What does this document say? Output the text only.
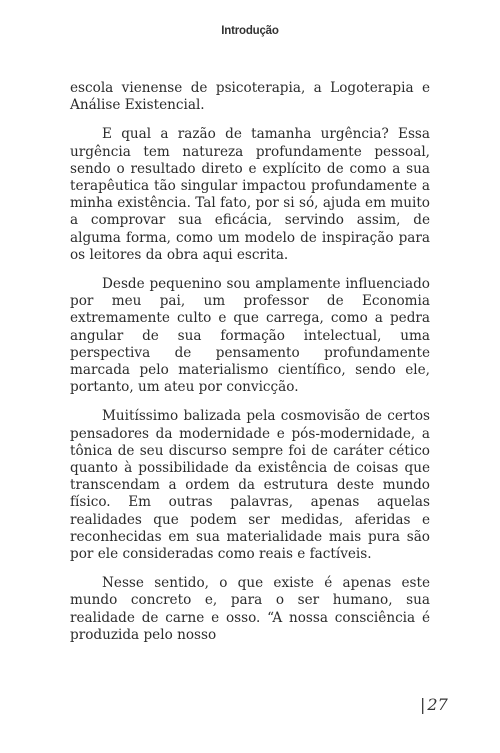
Introdução

escola vienense de psicoterapia, a Logoterapia e Análise Existencial.

E qual a razão de tamanha urgência? Essa urgência tem natureza profundamente pessoal, sendo o resultado direto e explícito de como a sua terapêutica tão singular impactou profundamente a minha existência. Tal fato, por si só, ajuda em muito a comprovar sua eficácia, servindo assim, de alguma forma, como um modelo de inspiração para os leitores da obra aqui escrita.

Desde pequenino sou amplamente influenciado por meu pai, um professor de Economia extremamente culto e que carrega, como a pedra angular de sua formação intelectual, uma perspectiva de pensamento profundamente marcada pelo materialismo científico, sendo ele, portanto, um ateu por convicção.

Muitíssimo balizada pela cosmovisão de certos pensadores da modernidade e pós-modernidade, a tônica de seu discurso sempre foi de caráter cético quanto à possibilidade da existência de coisas que transcendam a ordem da estrutura deste mundo físico. Em outras palavras, apenas aquelas realidades que podem ser medidas, aferidas e reconhecidas em sua materialidade mais pura são por ele consideradas como reais e factíveis.

Nesse sentido, o que existe é apenas este mundo concreto e, para o ser humano, sua realidade de carne e osso. “A nossa consciência é produzida pelo nosso

| 27
